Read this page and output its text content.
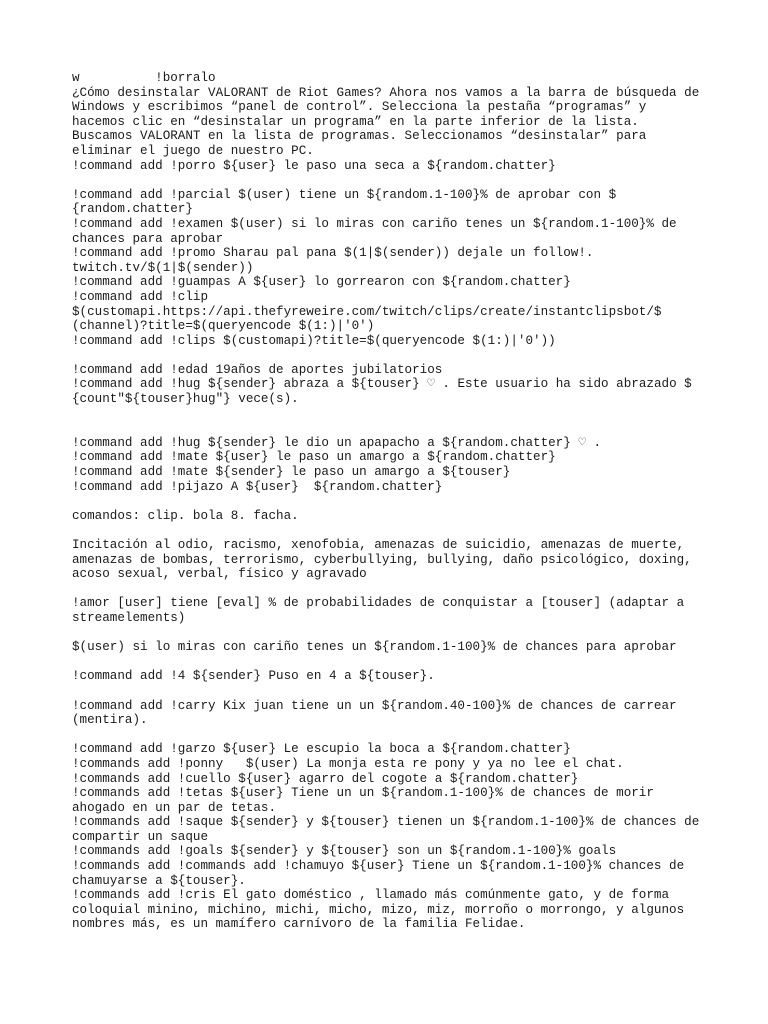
w          !borralo
¿Cómo desinstalar VALORANT de Riot Games? Ahora nos vamos a la barra de búsqueda de
Windows y escribimos “panel de control”. Selecciona la pestaña “programas” y
hacemos clic en “desinstalar un programa” en la parte inferior de la lista.
Buscamos VALORANT en la lista de programas. Seleccionamos “desinstalar” para
eliminar el juego de nuestro PC.
!command add !porro ${user} le paso una seca a ${random.chatter}
!command add !parcial $(user) tiene un ${random.1-100}% de aprobar con $
{random.chatter}
!command add !examen $(user) si lo miras con cariño tenes un ${random.1-100}% de
chances para aprobar
!command add !promo Sharau pal pana $(1|$(sender)) dejale un follow!.
twitch.tv/$(1|$(sender))
!command add !guampas A ${user} lo gorrearon con ${random.chatter}
!command add !clip
$(customapi.https://api.thefyreweire.com/twitch/clips/create/instantclipsbot/$
(channel)?title=$(queryencode $(1:)|'0')
!command add !clips $(customapi)?title=$(queryencode $(1:)|'0'))
!command add !edad 19años de aportes jubilatorios
!command add !hug ${sender} abraza a ${touser} ♡ . Este usuario ha sido abrazado $
{count"${touser}hug"} vece(s).
!command add !hug ${sender} le dio un apapacho a ${random.chatter} ♡ .
!command add !mate ${user} le paso un amargo a ${random.chatter}
!command add !mate ${sender} le paso un amargo a ${touser}
!command add !pijazo A ${user}  ${random.chatter}
comandos: clip. bola 8. facha.
Incitación al odio, racismo, xenofobia, amenazas de suicidio, amenazas de muerte,
amenazas de bombas, terrorismo, cyberbullying, bullying, daño psicológico, doxing,
acoso sexual, verbal, físico y agravado
!amor [user] tiene [eval] % de probabilidades de conquistar a [touser] (adaptar a
streamelements)
$(user) si lo miras con cariño tenes un ${random.1-100}% de chances para aprobar
!command add !4 ${sender} Puso en 4 a ${touser}.
!command add !carry Kix juan tiene un un ${random.40-100}% de chances de carrear
(mentira).
!command add !garzo ${user} Le escupio la boca a ${random.chatter}
!commands add !ponny   $(user) La monja esta re pony y ya no lee el chat.
!commands add !cuello ${user} agarro del cogote a ${random.chatter}
!commands add !tetas ${user} Tiene un un ${random.1-100}% de chances de morir
ahogado en un par de tetas.
!commands add !saque ${sender} y ${touser} tienen un ${random.1-100}% de chances de
compartir un saque
!commands add !goals ${sender} y ${touser} son un ${random.1-100}% goals
!commands add !commands add !chamuyo ${user} Tiene un ${random.1-100}% chances de
chamuyarse a ${touser}.
!commands add !cris El gato doméstico , llamado más comúnmente gato, y de forma
coloquial minino, michino, michi, micho, mizo, miz, morroño o morrongo, y algunos
nombres más, es un mamífero carnívoro de la familia Felidae.
